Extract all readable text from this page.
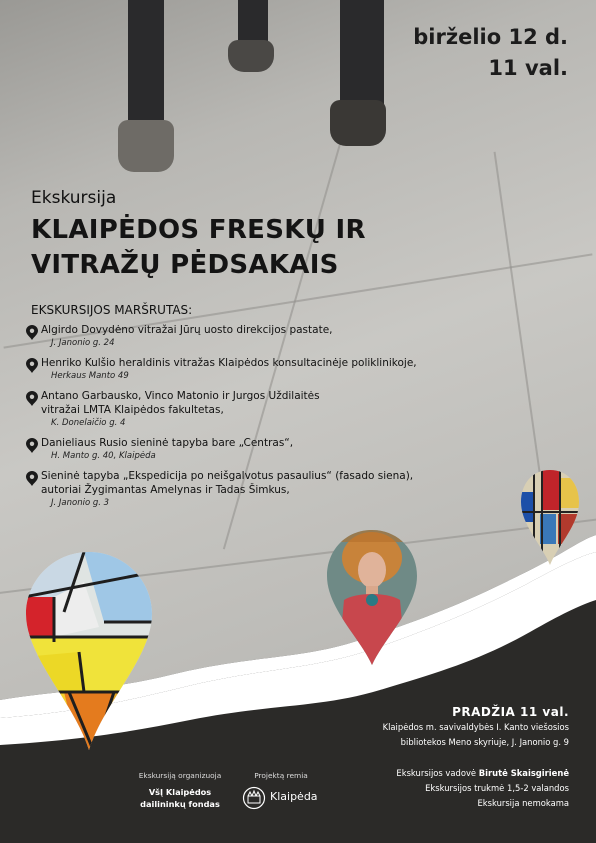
birželio 12 d.
11 val.
Ekskursija
KLAIPĖDOS FRESKŲ IR
VITRAŽŲ PĖDSAKAIS
EKSKURSIJOS MARŠRUTAS:
Algirdo Dovydėno vitražai Jūrų uosto direkcijos pastate,
J. Janonio g. 24
Henriko Kulšio heraldinis vitražas Klaipėdos konsultacinėje poliklinikoje,
Herkaus Manto 49
Antano Garbausko, Vinco Matonio ir Jurgos Uždilaitės
vitražai LMTA Klaipėdos fakultetas,
K. Donelaičio g. 4
Danieliaus Rusio sieninė tapyba bare „Centras“,
H. Manto g. 40, Klaipėda
Sieninė tapyba „Ekspedicija po neišgalvotus pasaulius“ (fasado siena),
autoriai Žygimantas Amelynas ir Tadas Šimkus,
J. Janonio g. 3
PRADŽIA 11 val.
Klaipėdos m. savivaldybės I. Kanto viešosios
bibliotekos Meno skyriuje, J. Janonio g. 9
Ekskursijos vadovė Birutė Skaisgirienė
Ekskursijos trukmė 1,5-2 valandos
Ekskursija nemokama
Ekskursiją organizuoja
VšĮ Klaipėdos
dailininkų fondas
Projektą remia
Klaipėda
